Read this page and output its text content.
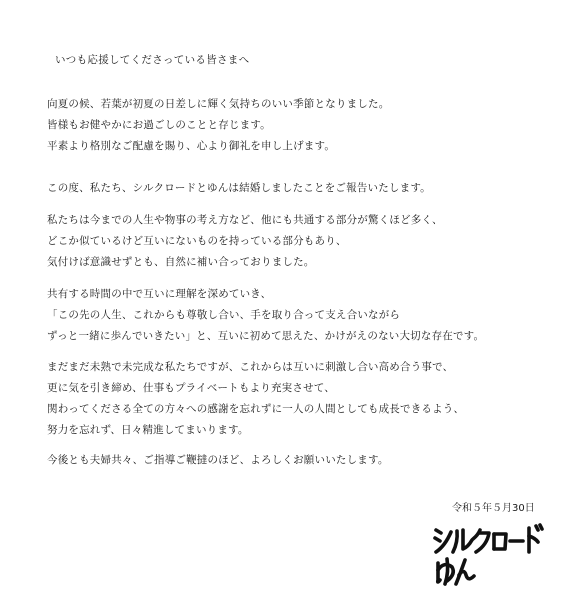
いつも応援してくださっている皆さまへ
向夏の候、若葉が初夏の日差しに輝く気持ちのいい季節となりました。
皆様もお健やかにお過ごしのことと存じます。
平素より格別なご配慮を賜り、心より御礼を申し上げます。
この度、私たち、シルクロードとゆんは結婚しましたことをご報告いたします。
私たちは今までの人生や物事の考え方など、他にも共通する部分が驚くほど多く、
どこか似ているけど互いにないものを持っている部分もあり、
気付けば意識せずとも、自然に補い合っておりました。
共有する時間の中で互いに理解を深めていき、
「この先の人生、これからも尊敬し合い、手を取り合って支え合いながら
ずっと一緒に歩んでいきたい」と、互いに初めて思えた、かけがえのない大切な存在です。
まだまだ未熟で未完成な私たちですが、これからは互いに刺激し合い高め合う事で、
更に気を引き締め、仕事もプライベートもより充実させて、
関わってくださる全ての方々への感謝を忘れずに一人の人間としても成長できるよう、
努力を忘れず、日々精進してまいります。
今後とも夫婦共々、ご指導ご鞭撻のほど、よろしくお願いいたします。
令和５年５月30日
